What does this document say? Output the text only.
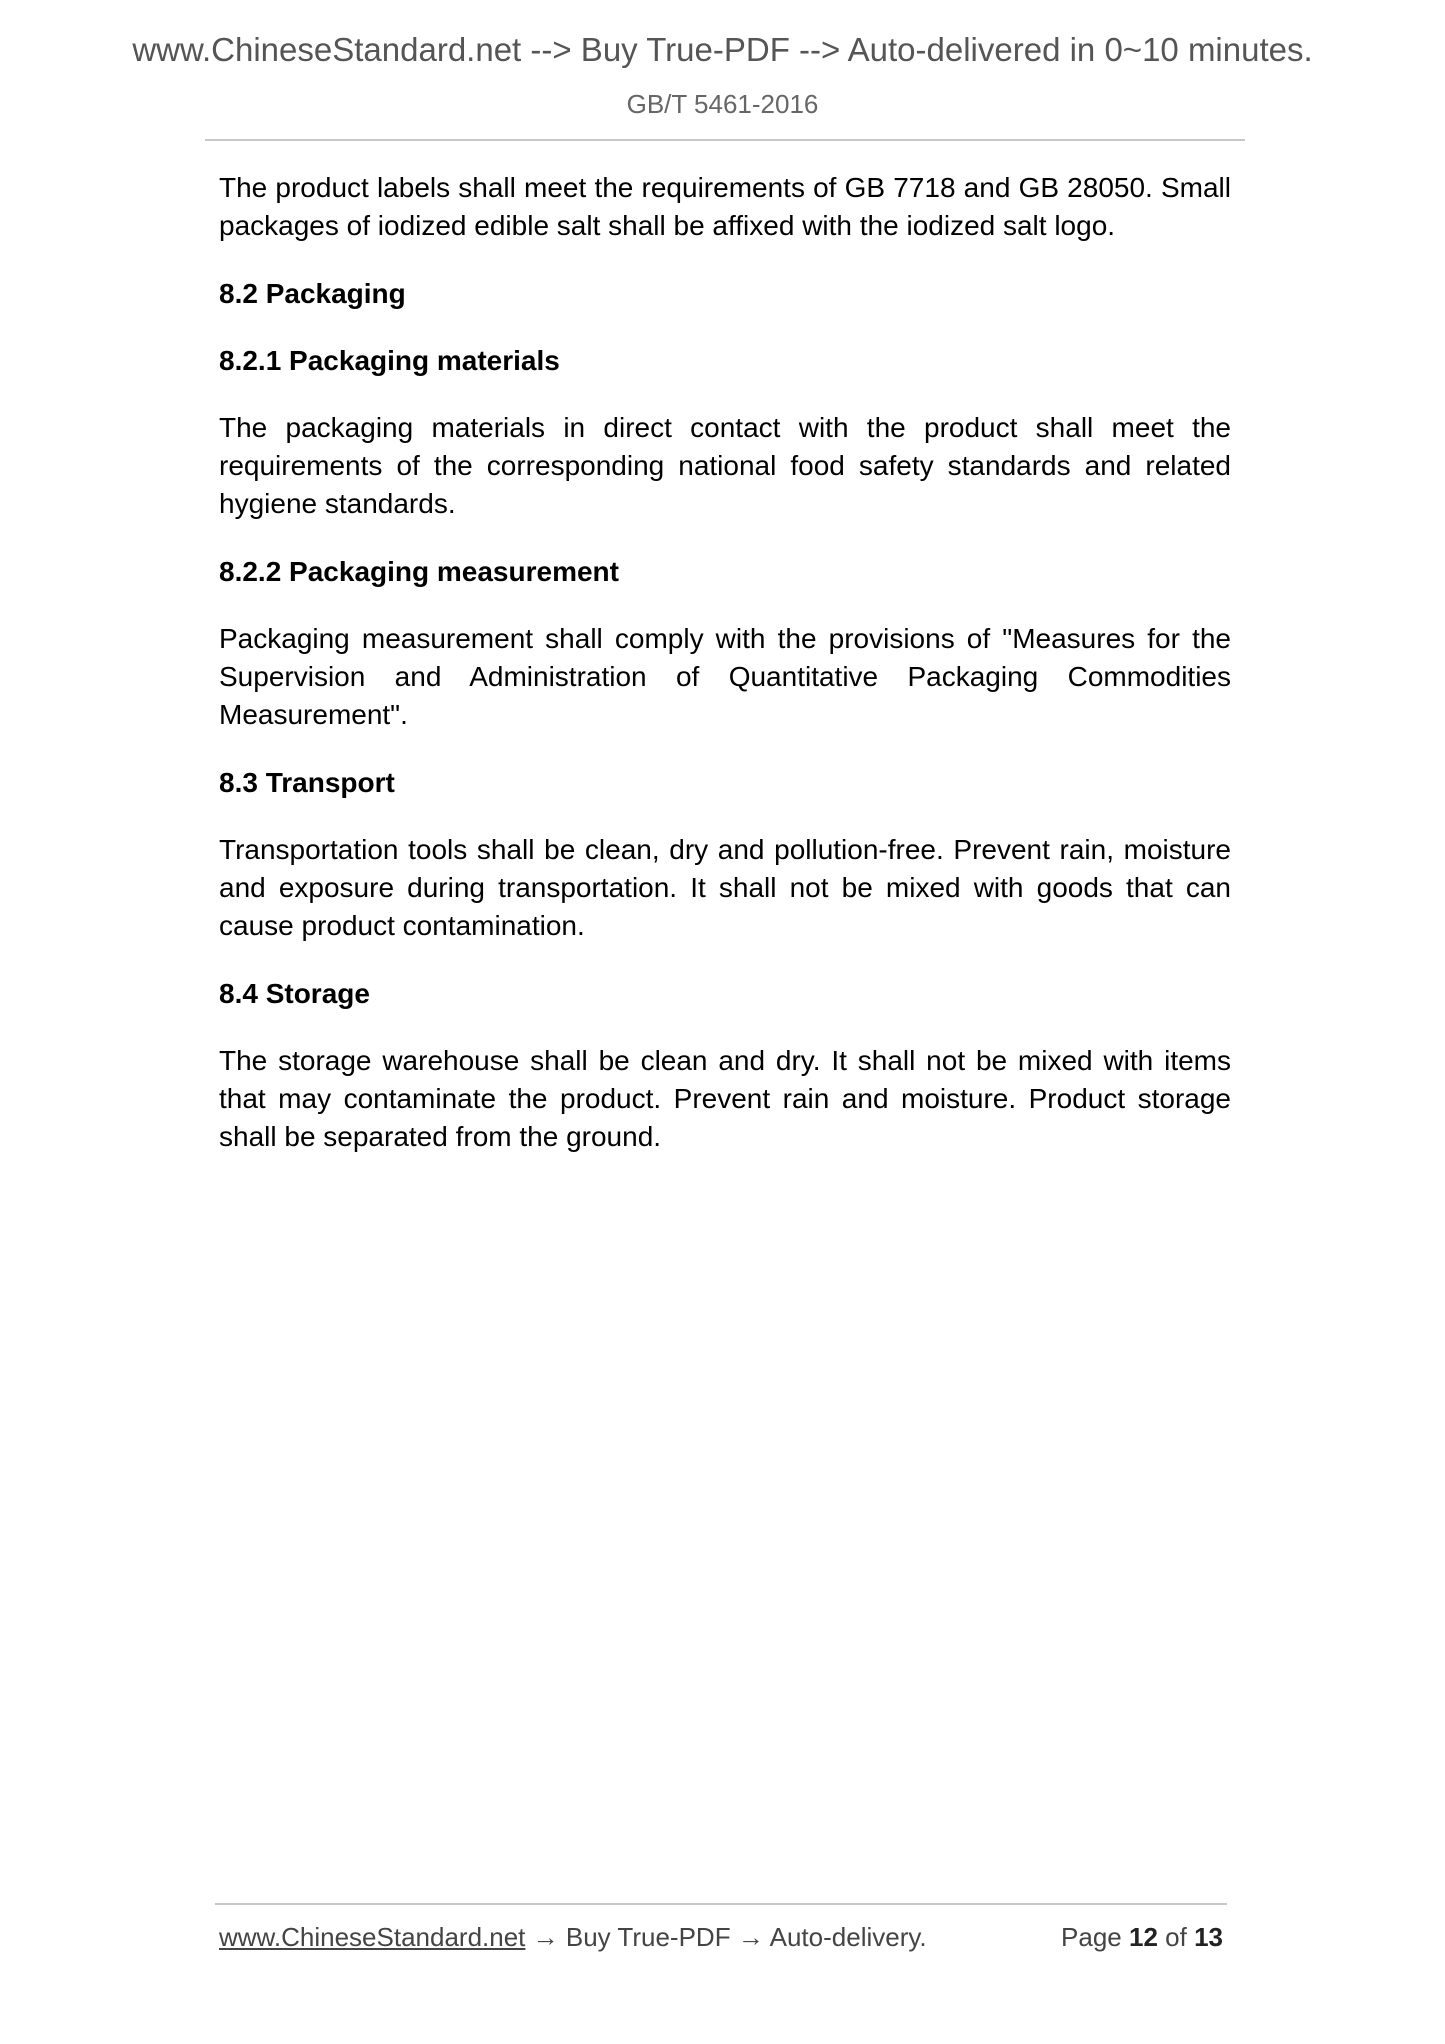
www.ChineseStandard.net --> Buy True-PDF --> Auto-delivered in 0~10 minutes.
GB/T 5461-2016

The product labels shall meet the requirements of GB 7718 and GB 28050. Small packages of iodized edible salt shall be affixed with the iodized salt logo.

8.2 Packaging
8.2.1 Packaging materials

The packaging materials in direct contact with the product shall meet the requirements of the corresponding national food safety standards and related hygiene standards.

8.2.2 Packaging measurement

Packaging measurement shall comply with the provisions of "Measures for the Supervision and Administration of Quantitative Packaging Commodities Measurement".

8.3 Transport

Transportation tools shall be clean, dry and pollution-free. Prevent rain, moisture and exposure during transportation. It shall not be mixed with goods that can cause product contamination.

8.4 Storage

The storage warehouse shall be clean and dry. It shall not be mixed with items that may contaminate the product. Prevent rain and moisture. Product storage shall be separated from the ground.

www.ChineseStandard.net → Buy True-PDF → Auto-delivery.	Page 12 of 13
